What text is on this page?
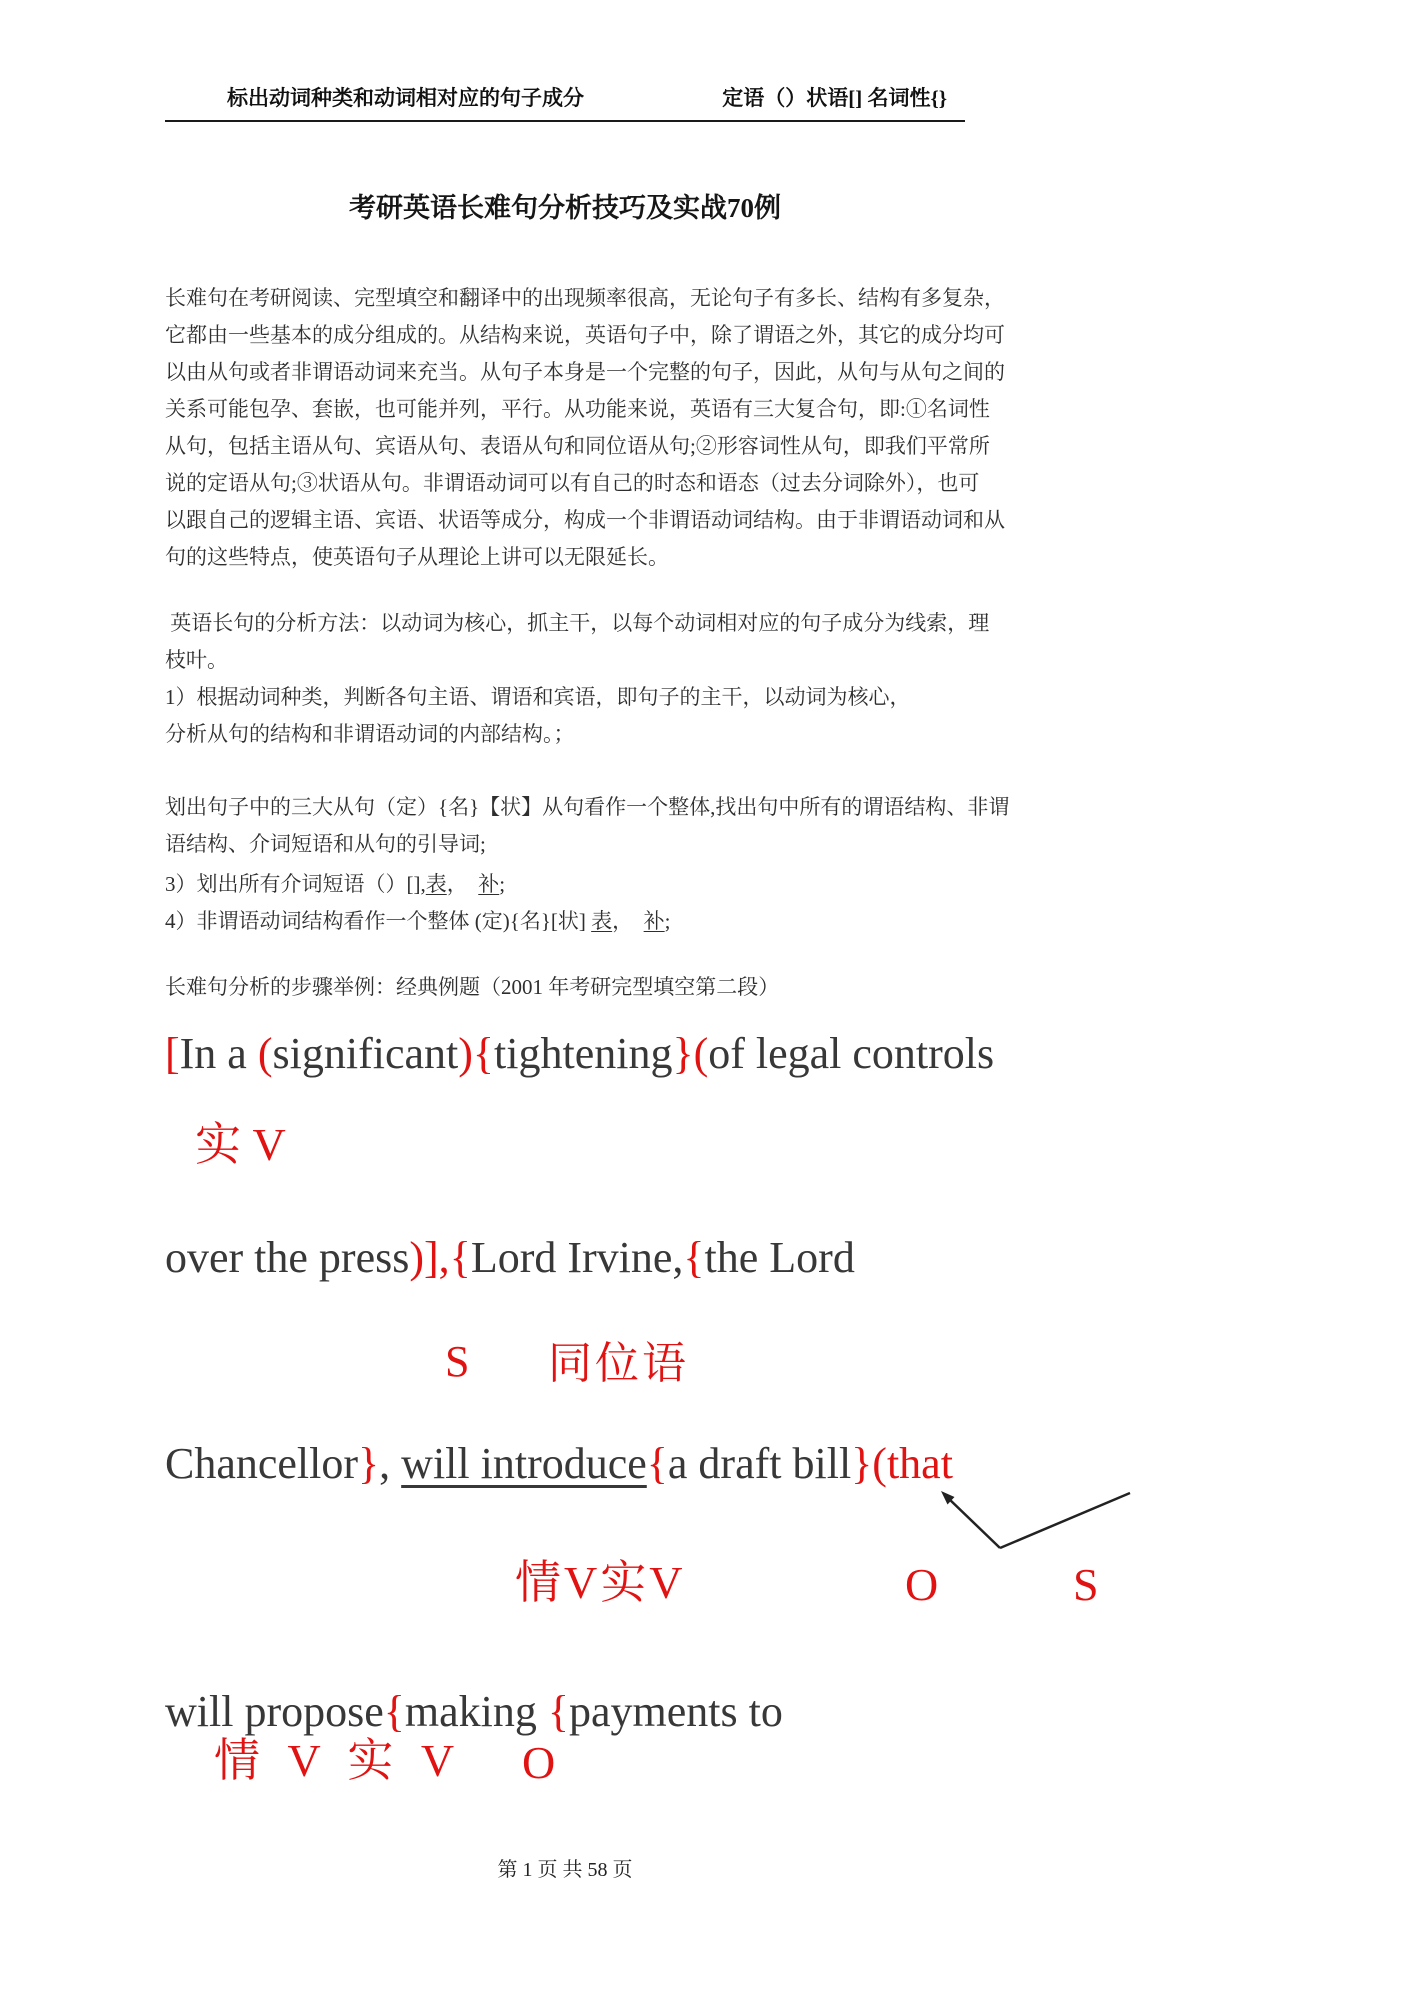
标出动词种类和动词相对应的句子成分	定语（）状语[] 名词性{}
考研英语长难句分析技巧及实战70例
长难句在考研阅读、完型填空和翻译中的出现频率很高，无论句子有多长、结构有多复杂，
它都由一些基本的成分组成的。从结构来说，英语句子中，除了谓语之外，其它的成分均可
以由从句或者非谓语动词来充当。从句子本身是一个完整的句子，因此，从句与从句之间的
关系可能包孕、套嵌，也可能并列，平行。从功能来说，英语有三大复合句，即:①名词性
从句，包括主语从句、宾语从句、表语从句和同位语从句;②形容词性从句，即我们平常所
说的定语从句;③状语从句。非谓语动词可以有自己的时态和语态（过去分词除外），也可
以跟自己的逻辑主语、宾语、状语等成分，构成一个非谓语动词结构。由于非谓语动词和从
句的这些特点，使英语句子从理论上讲可以无限延长。
英语长句的分析方法：以动词为核心，抓主干，以每个动词相对应的句子成分为线索，理
枝叶。
1）根据动词种类，判断各句主语、谓语和宾语，即句子的主干，以动词为核心，
分析从句的结构和非谓语动词的内部结构。；
划出句子中的三大从句（定）{名}【状】从句看作一个整体,找出句中所有的谓语结构、非谓
语结构、介词短语和从句的引导词;
3）划出所有介词短语（）[],表，　补;
4）非谓语动词结构看作一个整体 (定){名}[状] 表，　补;
长难句分析的步骤举例：经典例题（2001 年考研完型填空第二段）
[In a (significant){tightening}(of legal controls
实 V
over the press)],{Lord Irvine,{the Lord
S 同位语
Chancellor}, will introduce{a draft bill}(that
情V实V	O	S
will propose{making {payments to
情 V 实 V O
第 1 页 共 58 页
